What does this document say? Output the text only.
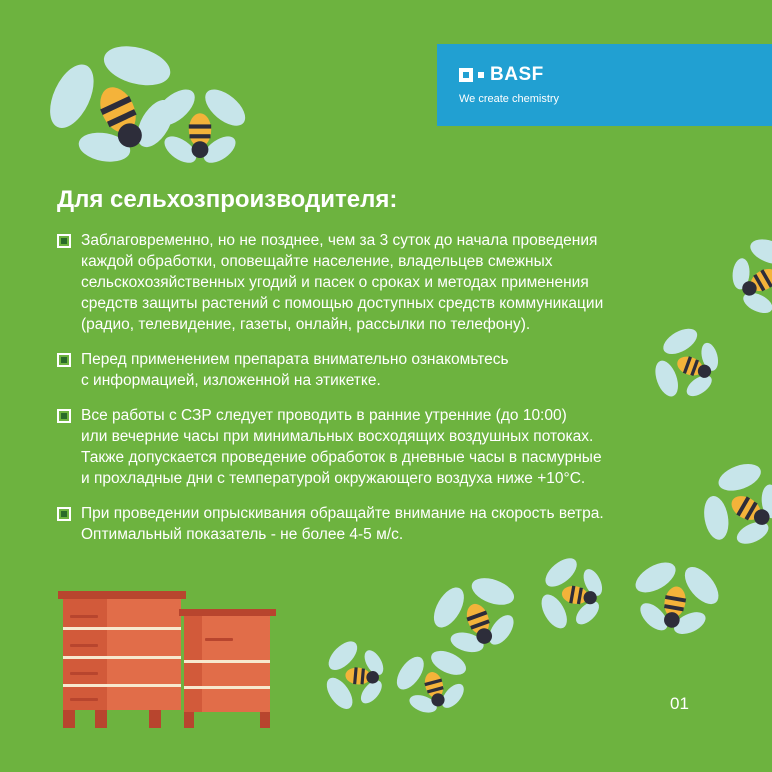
BASF
We create chemistry
Для сельхозпроизводителя:

Заблаговременно, но не позднее, чем за 3 суток до начала проведения
каждой обработки, оповещайте население, владельцев смежных
сельскохозяйственных угодий и пасек о сроках и методах применения
средств защиты растений с помощью доступных средств коммуникации
(радио, телевидение, газеты, онлайн, рассылки по телефону).

Перед применением препарата внимательно ознакомьтесь
с информацией, изложенной на этикетке.

Все работы с СЗР следует проводить в ранние утренние (до 10:00)
или вечерние часы при минимальных восходящих воздушных потоках.
Также допускается проведение обработок в дневные часы в пасмурные
и прохладные дни с температурой окружающего воздуха ниже +10°С.

При проведении опрыскивания обращайте внимание на скорость ветра.
Оптимальный показатель - не более 4-5 м/с.

01
